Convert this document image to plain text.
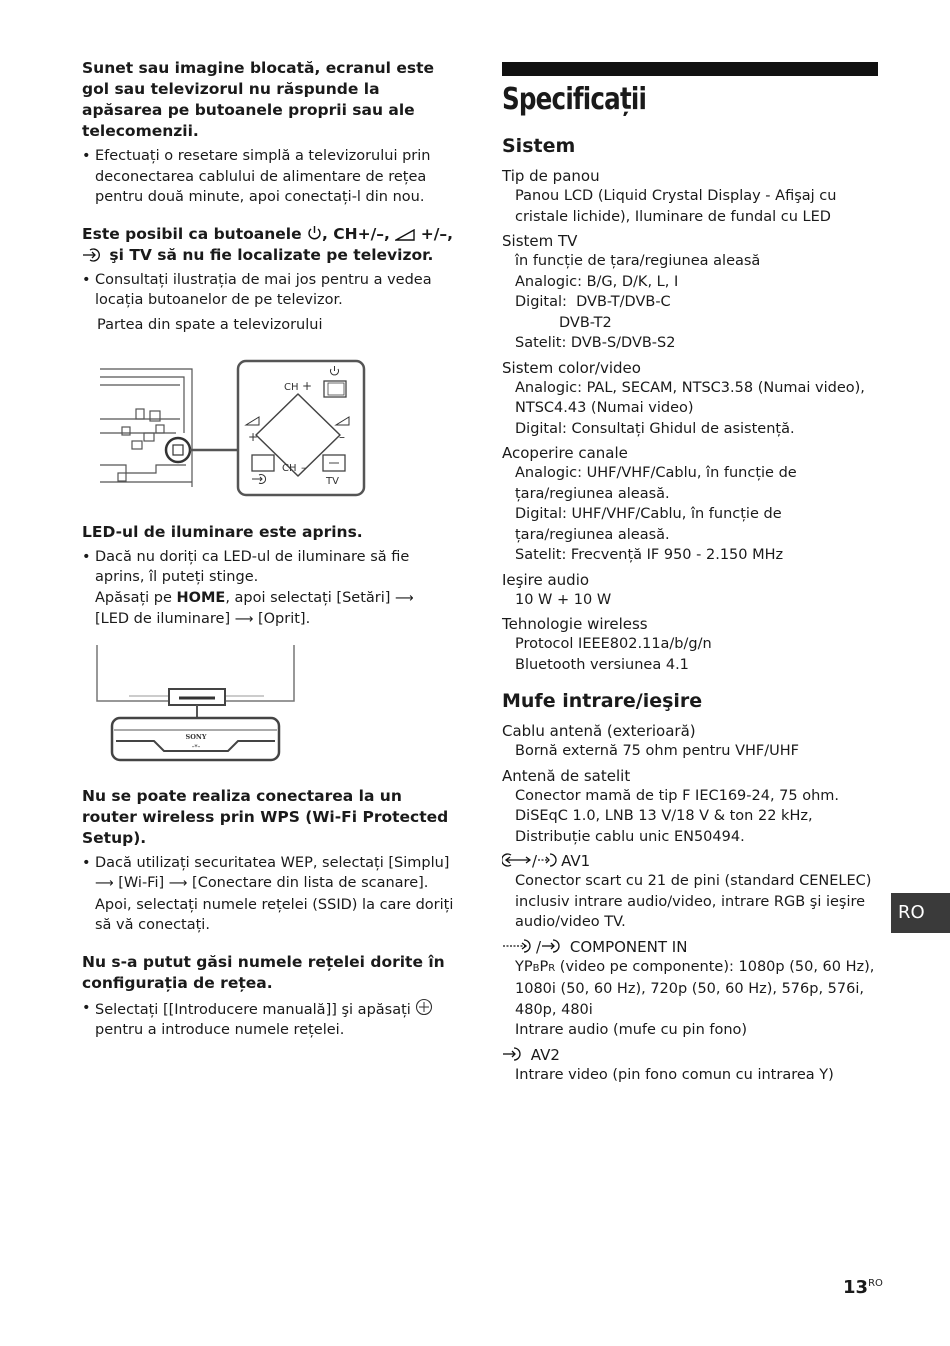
Sunet sau imagine blocată, ecranul este gol sau televizorul nu răspunde la apăsarea pe butoanele proprii sau ale telecomenzii.

• Efectuați o resetare simplă a televizorului prin deconectarea cablului de alimentare de rețea pentru două minute, apoi conectați-l din nou.

Este posibil ca butoanele , CH+/–,  +/–,  şi TV să nu fie localizate pe televizor.

• Consultați ilustrația de mai jos pentru a vedea locația butoanelor de pe televizor.
Partea din spate a televizorului
CH +
+	–
TV
CH –

LED-ul de iluminare este aprins.

• Dacă nu doriți ca LED-ul de iluminare să fie aprins, îl puteți stinge.
Apăsați pe HOME, apoi selectați [Setări] ⟶
[LED de iluminare] ⟶ [Oprit].
SONY
-*-

Nu se poate realiza conectarea la un router wireless prin WPS (Wi-Fi Protected Setup).

• Dacă utilizați securitatea WEP, selectați [Simplu]
⟶ [Wi-Fi] ⟶ [Conectare din lista de scanare]. Apoi, selectați numele rețelei (SSID) la care doriți să vă conectați.

Nu s-a putut găsi numele rețelei dorite în configurația de rețea.

• Selectați [[Introducere manuală]] şi apăsați
pentru a introduce numele rețelei.
Specificații
Sistem
Tip de panou
Panou LCD (Liquid Crystal Display - Afişaj cu cristale lichide), Iluminare de fundal cu LED
Sistem TV
în funcție de țara/regiunea aleasă
Analogic: B/G, D/K, L, I
Digital:  DVB-T/DVB-C
DVB-T2
Satelit: DVB-S/DVB-S2
Sistem color/video
Analogic: PAL, SECAM, NTSC3.58 (Numai video), NTSC4.43 (Numai video)
Digital: Consultați Ghidul de asistență.
Acoperire canale
Analogic: UHF/VHF/Cablu, în funcție de țara/regiunea aleasă.
Digital: UHF/VHF/Cablu, în funcție de țara/regiunea aleasă.
Satelit: Frecvență IF 950 - 2.150 MHz
Ieşire audio
10 W + 10 W
Tehnologie wireless
Protocol IEEE802.11a/b/g/n
Bluetooth versiunea 4.1
Mufe intrare/ieşire
Cablu antenă (exterioară)
Bornă externă 75 ohm pentru VHF/UHF
Antenă de satelit
Conector mamă de tip F IEC169-24, 75 ohm.
DiSEqC 1.0, LNB 13 V/18 V & ton 22 kHz, Distribuție cablu unic EN50494.
/ AV1
Conector scart cu 21 de pini (standard CENELEC) inclusiv intrare audio/video, intrare RGB şi ieşire audio/video TV.
/ COMPONENT IN
YPBPR (video pe componente): 1080p (50, 60 Hz), 1080i (50, 60 Hz), 720p (50, 60 Hz), 576p, 576i, 480p, 480i
Intrare audio (mufe cu pin fono)
AV2
Intrare video (pin fono comun cu intrarea Y)
RO
$13^{RO}$
